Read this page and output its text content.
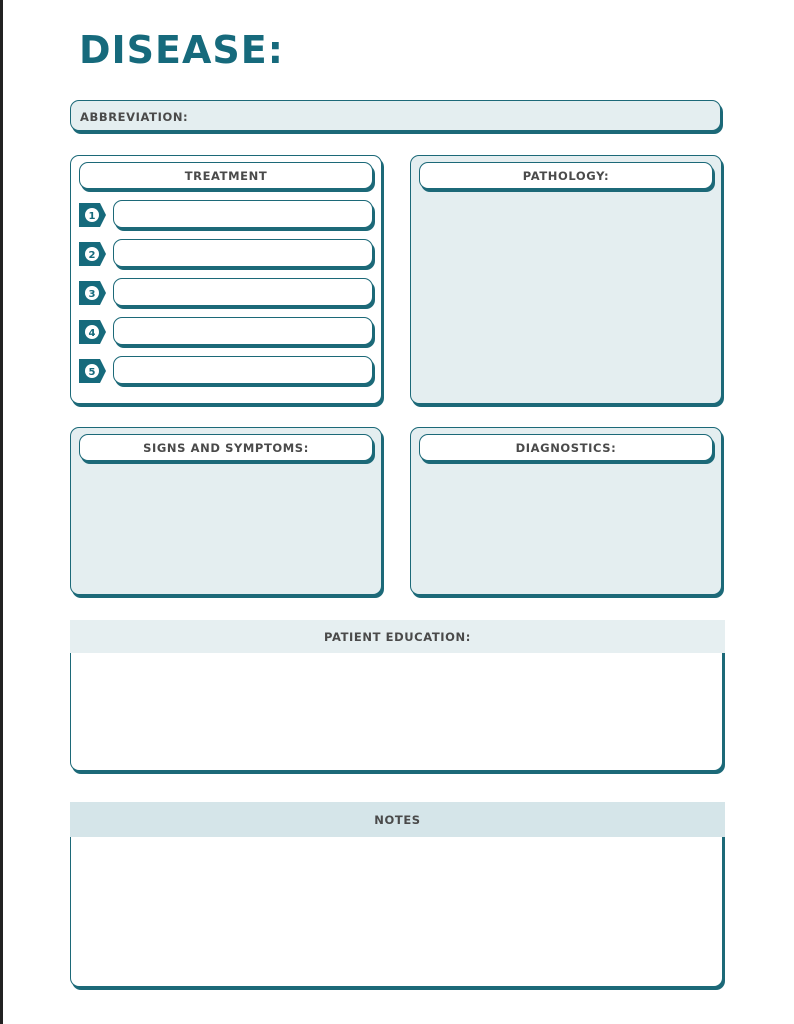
DISEASE:
ABBREVIATION:
TREATMENT
1
2
3
4
5
PATHOLOGY:
SIGNS AND SYMPTOMS:	DIAGNOSTICS:
PATIENT EDUCATION:
NOTES
